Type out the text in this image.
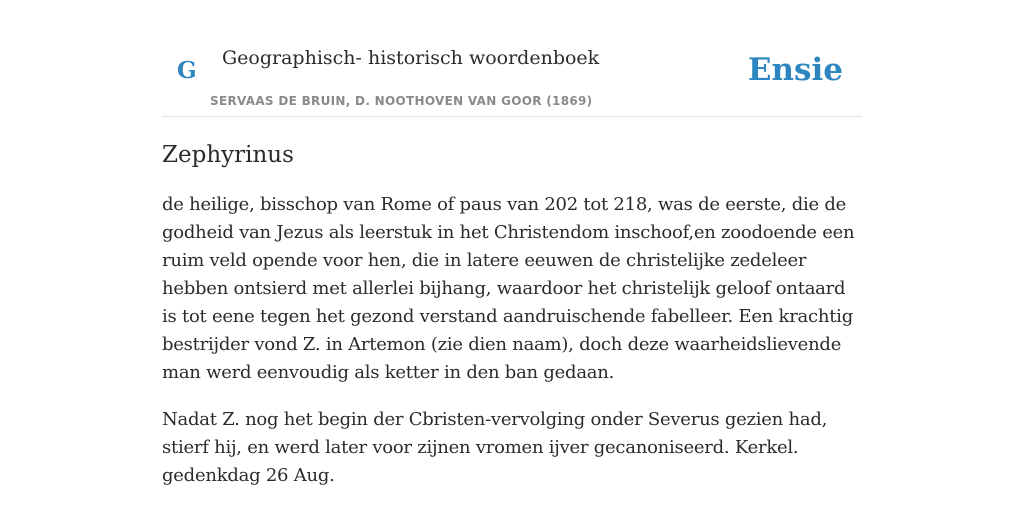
G Geographisch- historisch woordenboek
SERVAAS DE BRUIN, D. NOOTHOVEN VAN GOOR (1869)
Ensie
Zephyrinus

de heilige, bisschop van Rome of paus van 202 tot 218, was de eerste, die de godheid van Jezus als leerstuk in het Christendom inschoof,en zoodoende een ruim veld opende voor hen, die in latere eeuwen de christelijke zedeleer hebben ontsierd met allerlei bijhang, waardoor het christelijk geloof ontaard is tot eene tegen het gezond verstand aandruischende fabelleer. Een krachtig bestrijder vond Z. in Artemon (zie dien naam), doch deze waarheidslievende man werd eenvoudig als ketter in den ban gedaan.

Nadat Z. nog het begin der Cbristen-vervolging onder Severus gezien had, stierf hij, en werd later voor zijnen vromen ijver gecanoniseerd. Kerkel. gedenkdag 26 Aug.
